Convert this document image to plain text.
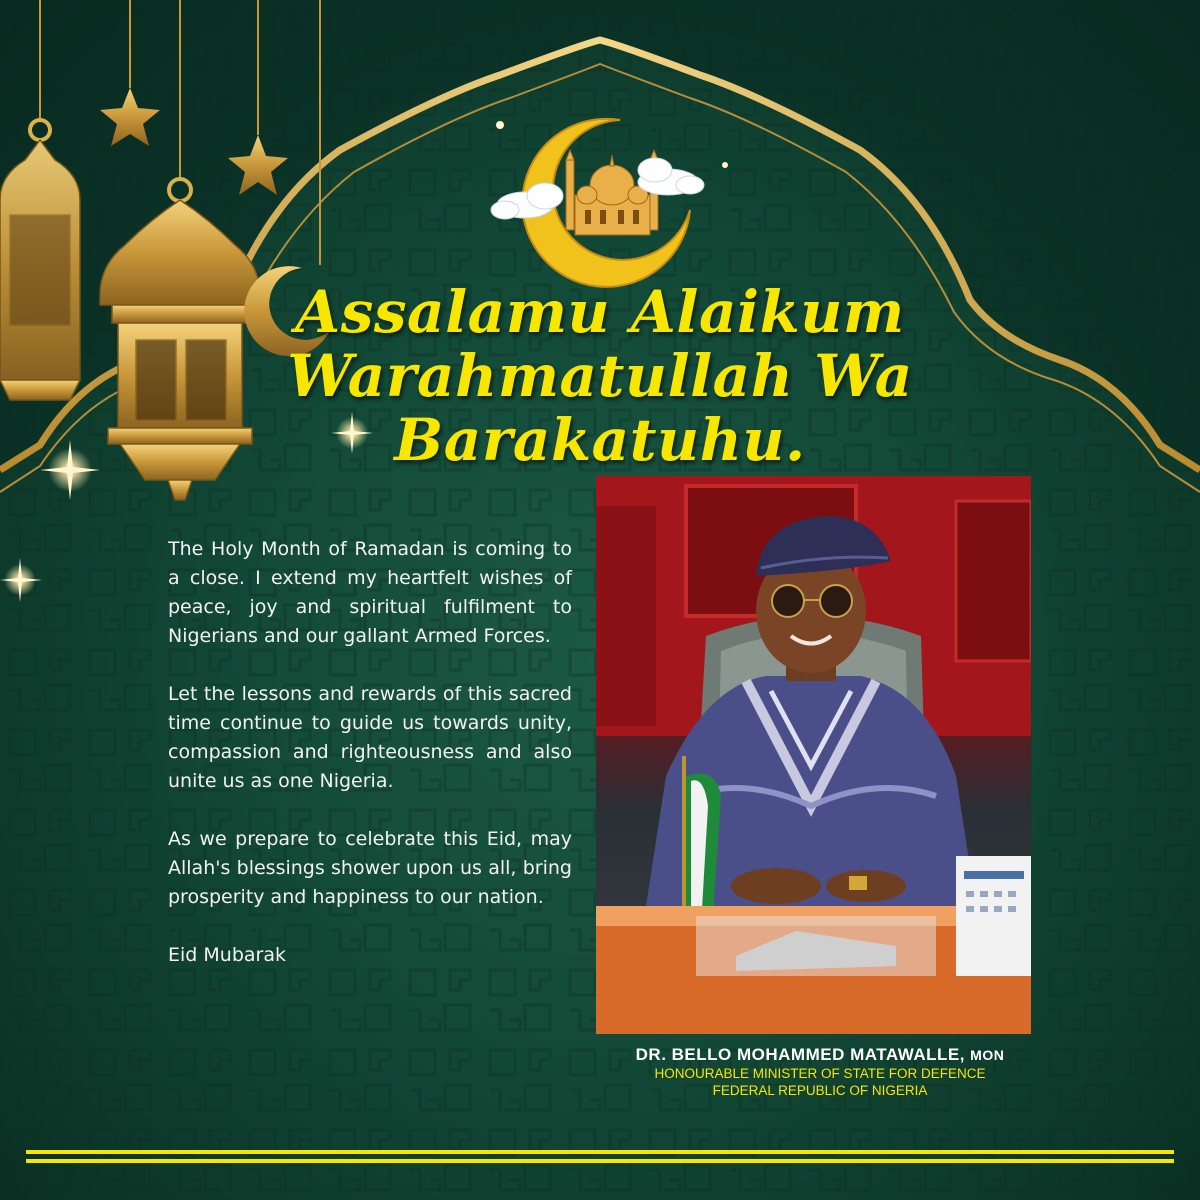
Assalamu Alaikum
Warahmatullah Wa
Barakatuhu.

The Holy Month of Ramadan is coming to a close. I extend my heartfelt wishes of peace, joy and spiritual fulfilment to Nigerians and our gallant Armed Forces.

Let the lessons and rewards of this sacred time continue to guide us towards unity, compassion and righteousness and also unite us as one Nigeria.

As we prepare to celebrate this Eid, may Allah's blessings shower upon us all, bring prosperity and happiness to our nation.

Eid Mubarak

DR. BELLO MOHAMMED MATAWALLE, MON
HONOURABLE MINISTER OF STATE FOR DEFENCE
FEDERAL REPUBLIC OF NIGERIA
